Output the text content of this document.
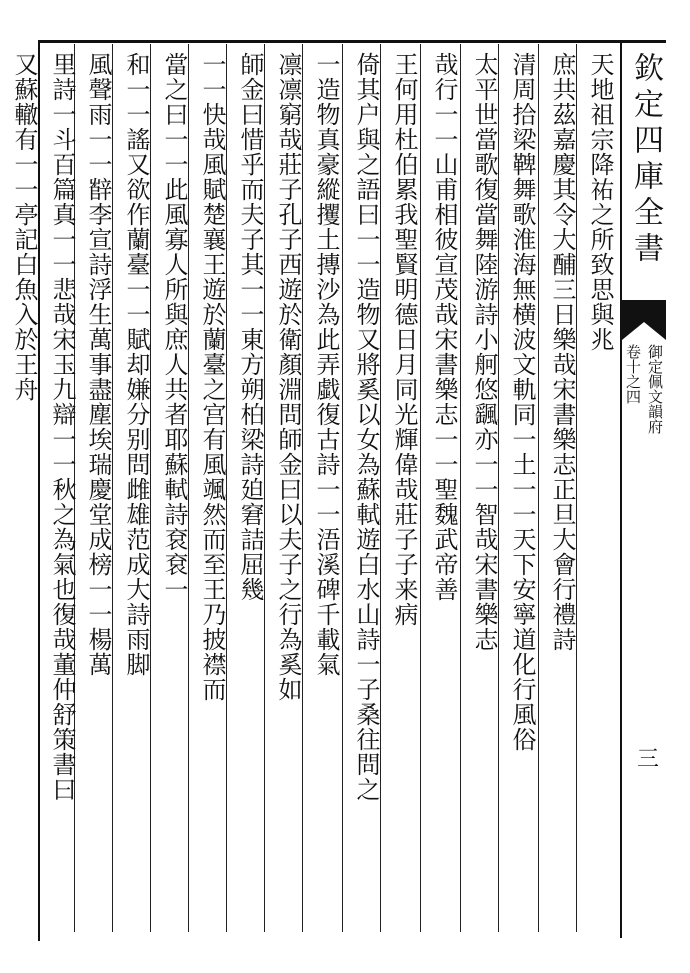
欽定四庫全書
御定佩文韻府
卷十之四
三
天地祖宗降祐之所致思與兆
庶共茲嘉慶其令大酺三日樂哉宋書樂志正旦大會行禮詩
清周拾梁鞞舞歌淮海無横波文軌同一土一一天下安寧道化行風俗
太平世當歌復當舞陸游詩小舸悠颻亦一一智哉宋書樂志
哉行一一山甫相彼宣茂哉宋書樂志一一聖魏武帝善
王何用杜伯累我聖賢明德日月同光輝偉哉莊子子来病
倚其户與之語曰一一造物又將奚以女為蘇軾遊白水山詩一子桑往問之
一造物真豪縱攫土摶沙為此弄戱復古詩一一浯溪碑千載氣
凛凛窮哉莊子孔子西遊於衛顏淵問師金曰以夫子之行為奚如
師金曰惜乎而夫子其一一東方朔柏梁詩廹窘詰屈幾
一一快哉風賦楚襄王遊於蘭臺之宫有風颯然而至王乃披襟而
當之曰一一此風寡人所與庶人共者耶蘇軾詩袞袞一
和一一謠又欲作蘭臺一一賦却嫌分别問雌雄范成大詩雨脚
風聲雨一一辥李宣詩浮生萬事盡塵埃瑞慶堂成榜一一楊萬
里詩一斗百篇真一一悲哉宋玉九辯一一秋之為氣也復哉董仲舒策書曰
又蘇轍有一一亭記白魚入於王舟
